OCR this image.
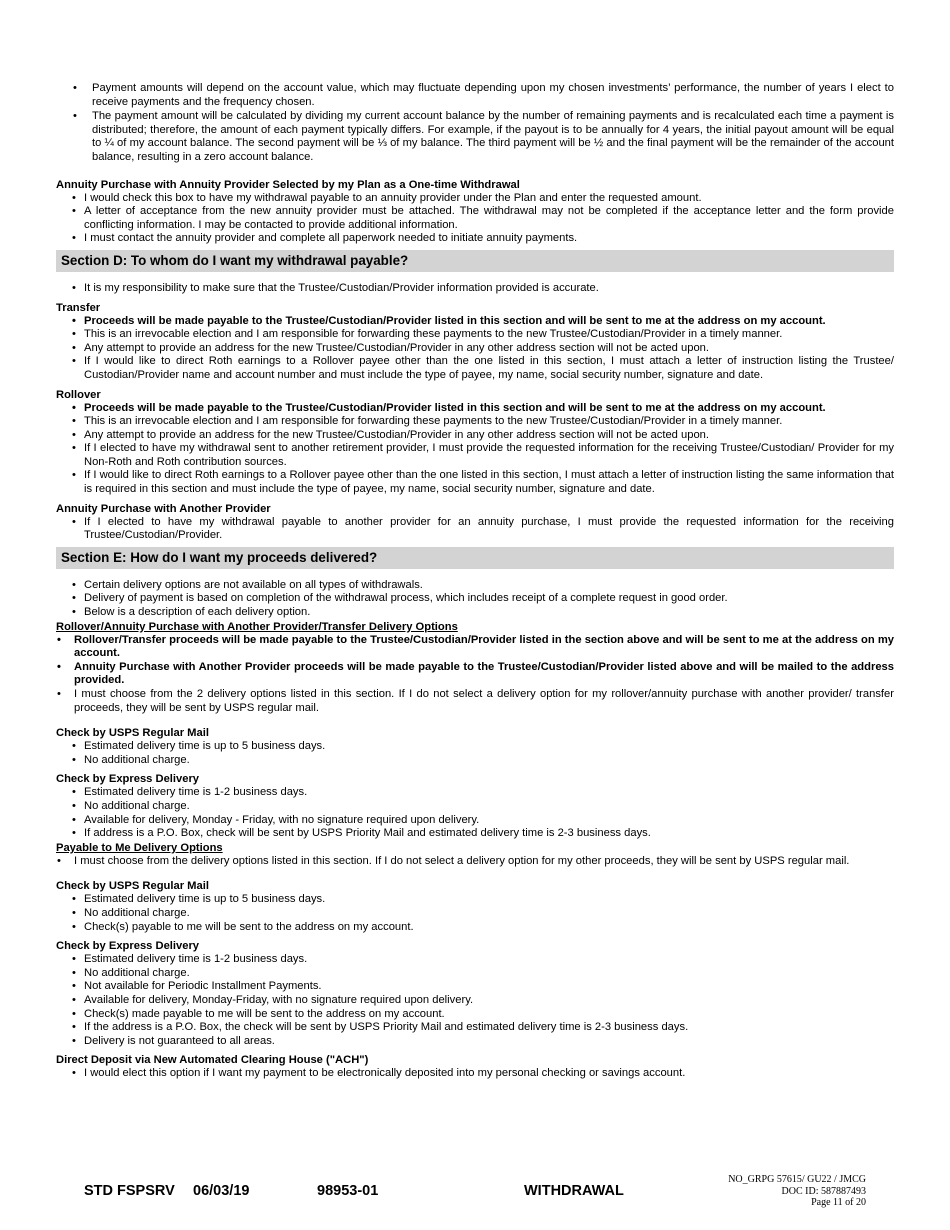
• Payment amounts will depend on the account value, which may fluctuate depending upon my chosen investments’ performance, the number of years I elect to receive payments and the frequency chosen.
• The payment amount will be calculated by dividing my current account balance by the number of remaining payments and is recalculated each time a payment is distributed; therefore, the amount of each payment typically differs. For example, if the payout is to be annually for 4 years, the initial payout amount will be equal to ¼ of my account balance. The second payment will be ⅓ of my balance. The third payment will be ½ and the final payment will be the remainder of the account balance, resulting in a zero account balance.
Annuity Purchase with Annuity Provider Selected by my Plan as a One-time Withdrawal
• I would check this box to have my withdrawal payable to an annuity provider under the Plan and enter the requested amount.
• A letter of acceptance from the new annuity provider must be attached. The withdrawal may not be completed if the acceptance letter and the form provide conflicting information. I may be contacted to provide additional information.
• I must contact the annuity provider and complete all paperwork needed to initiate annuity payments.
Section D: To whom do I want my withdrawal payable?
• It is my responsibility to make sure that the Trustee/Custodian/Provider information provided is accurate.
Transfer
• Proceeds will be made payable to the Trustee/Custodian/Provider listed in this section and will be sent to me at the address on my account.
• This is an irrevocable election and I am responsible for forwarding these payments to the new Trustee/Custodian/Provider in a timely manner.
• Any attempt to provide an address for the new Trustee/Custodian/Provider in any other address section will not be acted upon.
• If I would like to direct Roth earnings to a Rollover payee other than the one listed in this section, I must attach a letter of instruction listing the Trustee/ Custodian/Provider name and account number and must include the type of payee, my name, social security number, signature and date.
Rollover
• Proceeds will be made payable to the Trustee/Custodian/Provider listed in this section and will be sent to me at the address on my account.
• This is an irrevocable election and I am responsible for forwarding these payments to the new Trustee/Custodian/Provider in a timely manner.
• Any attempt to provide an address for the new Trustee/Custodian/Provider in any other address section will not be acted upon.
• If I elected to have my withdrawal sent to another retirement provider, I must provide the requested information for the receiving Trustee/Custodian/ Provider for my Non-Roth and Roth contribution sources.
• If I would like to direct Roth earnings to a Rollover payee other than the one listed in this section, I must attach a letter of instruction listing the same information that is required in this section and must include the type of payee, my name, social security number, signature and date.
Annuity Purchase with Another Provider
• If I elected to have my withdrawal payable to another provider for an annuity purchase, I must provide the requested information for the receiving Trustee/Custodian/Provider.
Section E: How do I want my proceeds delivered?
• Certain delivery options are not available on all types of withdrawals.
• Delivery of payment is based on completion of the withdrawal process, which includes receipt of a complete request in good order.
• Below is a description of each delivery option.
Rollover/Annuity Purchase with Another Provider/Transfer Delivery Options
• Rollover/Transfer proceeds will be made payable to the Trustee/Custodian/Provider listed in the section above and will be sent to me at the address on my account.
• Annuity Purchase with Another Provider proceeds will be made payable to the Trustee/Custodian/Provider listed above and will be mailed to the address provided.
• I must choose from the 2 delivery options listed in this section. If I do not select a delivery option for my rollover/annuity purchase with another provider/ transfer proceeds, they will be sent by USPS regular mail.
Check by USPS Regular Mail
• Estimated delivery time is up to 5 business days.
• No additional charge.
Check by Express Delivery
• Estimated delivery time is 1-2 business days.
• No additional charge.
• Available for delivery, Monday - Friday, with no signature required upon delivery.
• If address is a P.O. Box, check will be sent by USPS Priority Mail and estimated delivery time is 2-3 business days.
Payable to Me Delivery Options
• I must choose from the delivery options listed in this section. If I do not select a delivery option for my other proceeds, they will be sent by USPS regular mail.
Check by USPS Regular Mail
• Estimated delivery time is up to 5 business days.
• No additional charge.
• Check(s) payable to me will be sent to the address on my account.
Check by Express Delivery
• Estimated delivery time is 1-2 business days.
• No additional charge.
• Not available for Periodic Installment Payments.
• Available for delivery, Monday-Friday, with no signature required upon delivery.
• Check(s) made payable to me will be sent to the address on my account.
• If the address is a P.O. Box, the check will be sent by USPS Priority Mail and estimated delivery time is 2-3 business days.
• Delivery is not guaranteed to all areas.
Direct Deposit via New Automated Clearing House ("ACH")
• I would elect this option if I want my payment to be electronically deposited into my personal checking or savings account.
STD FSPSRV 06/03/19	98953-01	WITHDRAWAL
NO_GRPG 57615/ GU22 / JMCG
DOC ID: 587887493
Page 11 of 20
